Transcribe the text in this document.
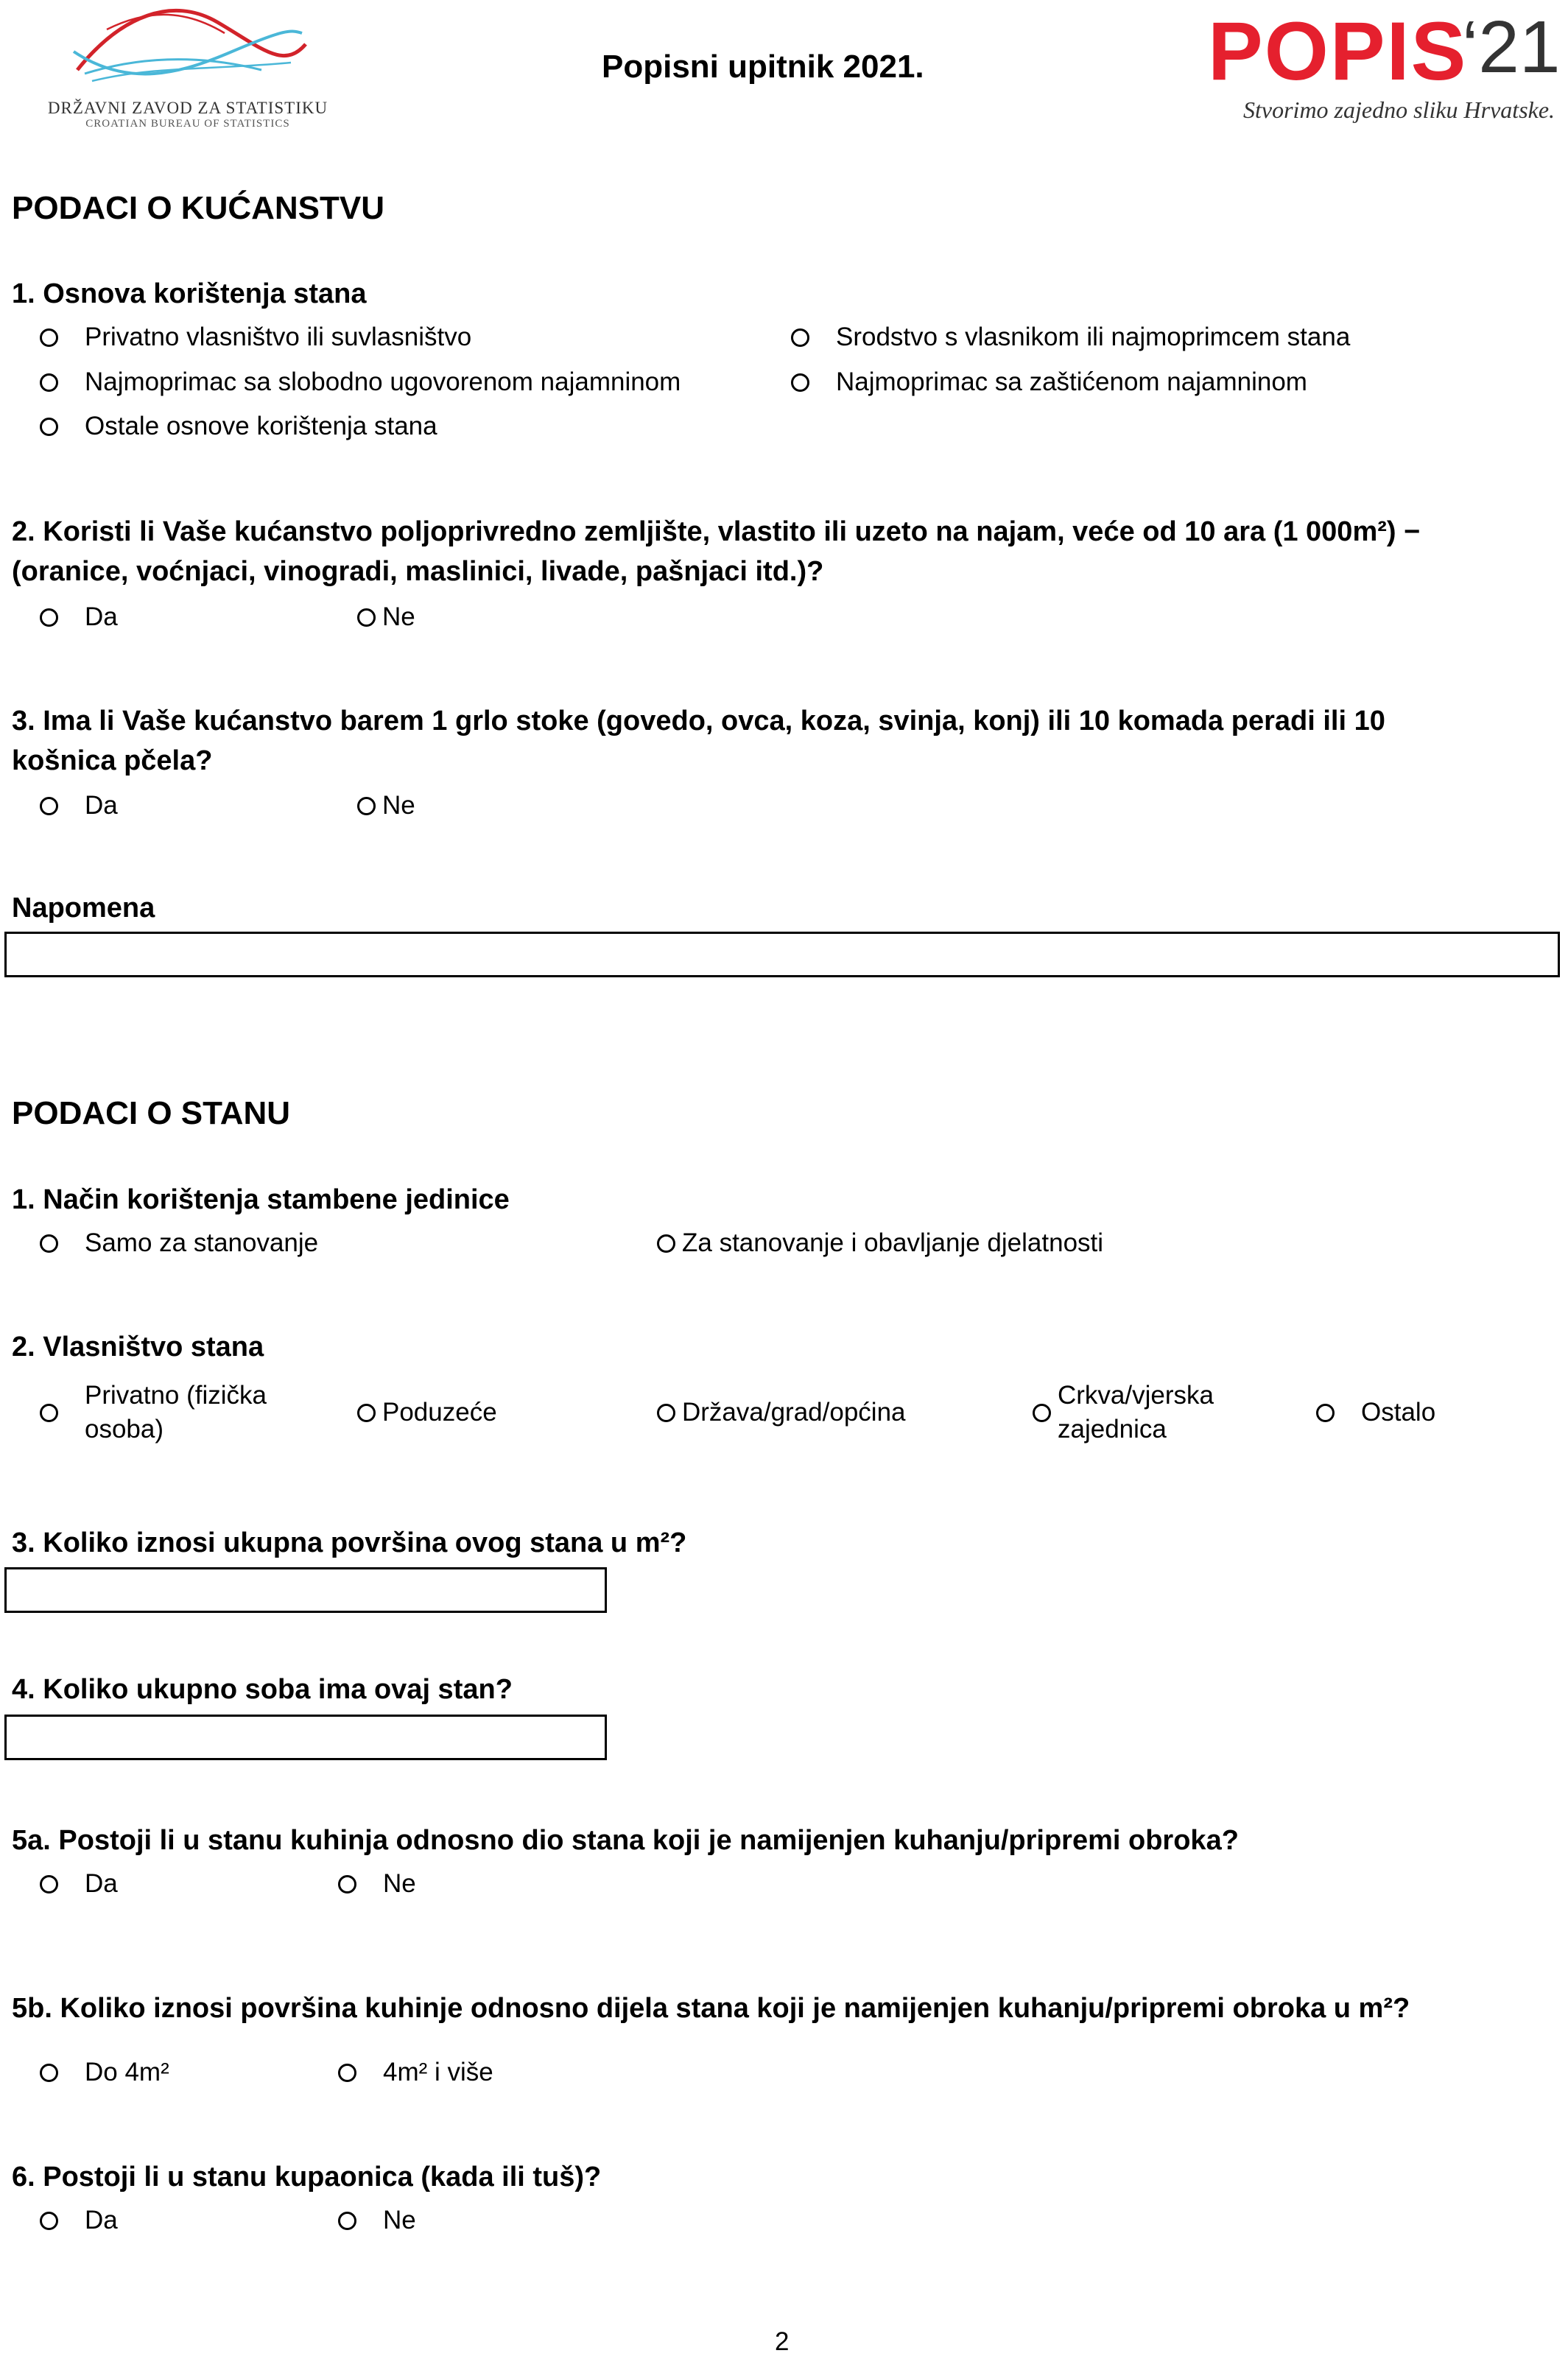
DRŽAVNI ZAVOD ZA STATISTIKU
CROATIAN BUREAU OF STATISTICS
Popisni upitnik 2021.	POPIS
‘21
Stvorimo zajedno sliku Hrvatske.
PODACI O KUĆANSTVU
1. Osnova korištenja stana
Privatno vlasništvo ili suvlasništvo	Srodstvo s vlasnikom ili najmoprimcem stana
Najmoprimac sa slobodno ugovorenom najamninom	Najmoprimac sa zaštićenom najamninom
Ostale osnove korištenja stana
2. Koristi li Vaše kućanstvo poljoprivredno zemljište, vlastito ili uzeto na najam, veće od 10 ara (1 000m²) −
(oranice, voćnjaci, vinogradi, maslinici, livade, pašnjaci itd.)?
Da	Ne
3. Ima li Vaše kućanstvo barem 1 grlo stoke (govedo, ovca, koza, svinja, konj) ili 10 komada peradi ili 10
košnica pčela?
Da	Ne
Napomena
PODACI O STANU
1. Način korištenja stambene jedinice
Samo za stanovanje	Za stanovanje i obavljanje djelatnosti
2. Vlasništvo stana
Privatno (fizička
osoba)
Poduzeće	Država/grad/općina
Crkva/vjerska
zajednica
Ostalo
3. Koliko iznosi ukupna površina ovog stana u m²?
4. Koliko ukupno soba ima ovaj stan?
5a. Postoji li u stanu kuhinja odnosno dio stana koji je namijenjen kuhanju/pripremi obroka?
Da	Ne
5b. Koliko iznosi površina kuhinje odnosno dijela stana koji je namijenjen kuhanju/pripremi obroka u m²?
Do 4m²	4m² i više
6. Postoji li u stanu kupaonica (kada ili tuš)?
Da	Ne
2
